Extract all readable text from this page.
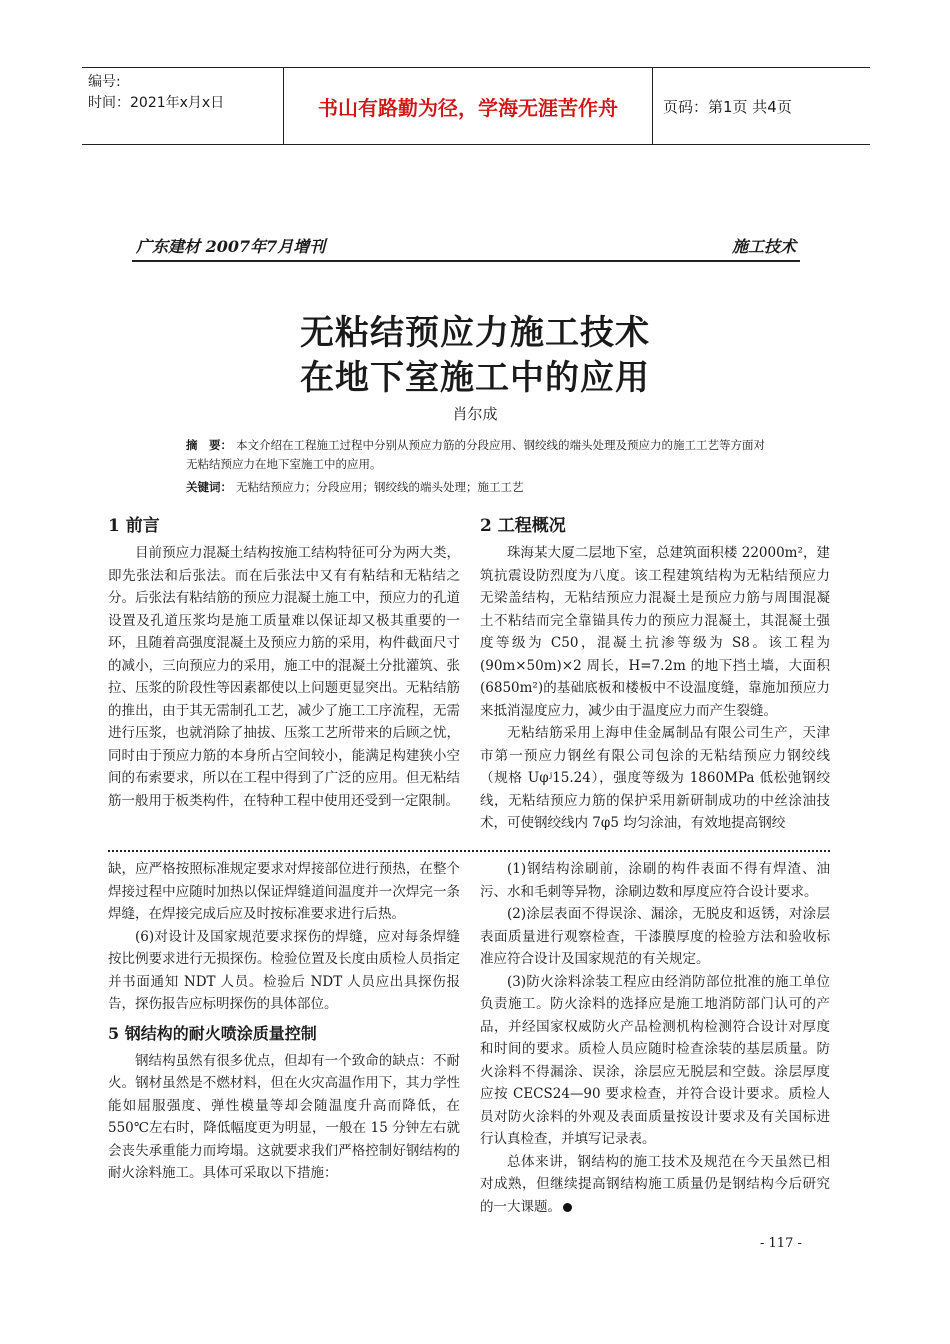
编号:
时间：2021年x月x日	书山有路勤为径，学海无涯苦作舟	页码：第1页 共4页
广东建材 2007年7月增刊	施工技术
无粘结预应力施工技术
在地下室施工中的应用
肖尔成
摘　要： 本文介绍在工程施工过程中分别从预应力筋的分段应用、钢绞线的端头处理及预应力的施工工艺等方面对无粘结预应力在地下室施工中的应用。
关键词： 无粘结预应力；分段应用；钢绞线的端头处理；施工工艺
1 前言

目前预应力混凝土结构按施工结构特征可分为两大类，即先张法和后张法。而在后张法中又有有粘结和无粘结之分。后张法有粘结筋的预应力混凝土施工中，预应力的孔道设置及孔道压浆均是施工质量难以保证却又极其重要的一环，且随着高强度混凝土及预应力筋的采用，构件截面尺寸的减小，三向预应力的采用，施工中的混凝土分批灌筑、张拉、压浆的阶段性等因素都使以上问题更显突出。无粘结筋的推出，由于其无需制孔工艺，减少了施工工序流程，无需进行压浆，也就消除了抽拔、压浆工艺所带来的后顾之忧，同时由于预应力筋的本身所占空间较小，能满足构建狭小空间的布索要求，所以在工程中得到了广泛的应用。但无粘结筋一般用于板类构件，在特种工程中使用还受到一定限制。

2 工程概况

珠海某大厦二层地下室，总建筑面积楼 22000m²，建筑抗震设防烈度为八度。该工程建筑结构为无粘结预应力无梁盖结构，无粘结预应力混凝土是预应力筋与周围混凝土不粘结而完全靠锚具传力的预应力混凝土，其混凝土强度等级为 C50，混凝土抗渗等级为 S8。该工程为(90m×50m)×2 周长，H=7.2m 的地下挡土墙，大面积(6850m²)的基础底板和楼板中不设温度缝，靠施加预应力来抵消湿度应力，减少由于温度应力而产生裂缝。

无粘结筋采用上海申佳金属制品有限公司生产，天津市第一预应力钢丝有限公司包涂的无粘结预应力钢绞线（规格 Uφʲ15.24），强度等级为 1860MPa 低松弛钢绞线，无粘结预应力筋的保护采用新研制成功的中丝涂油技术，可使钢绞线内 7φ5 均匀涂油，有效地提高钢绞

缺，应严格按照标准规定要求对焊接部位进行预热，在整个焊接过程中应随时加热以保证焊缝道间温度并一次焊完一条焊缝，在焊接完成后应及时按标准要求进行后热。

(6)对设计及国家规范要求探伤的焊缝，应对每条焊缝按比例要求进行无损探伤。检验位置及长度由质检人员指定并书面通知 NDT 人员。检验后 NDT 人员应出具探伤报告，探伤报告应标明探伤的具体部位。

5 钢结构的耐火喷涂质量控制

钢结构虽然有很多优点，但却有一个致命的缺点：不耐火。钢材虽然是不燃材料，但在火灾高温作用下，其力学性能如屈服强度、弹性模量等却会随温度升高而降低，在 550℃左右时，降低幅度更为明显，一般在 15 分钟左右就会丧失承重能力而垮塌。这就要求我们严格控制好钢结构的耐火涂料施工。具体可采取以下措施：

(1)钢结构涂刷前，涂刷的构件表面不得有焊渣、油污、水和毛刺等异物，涂刷边数和厚度应符合设计要求。

(2)涂层表面不得误涂、漏涂，无脱皮和返锈，对涂层表面质量进行观察检查，干漆膜厚度的检验方法和验收标准应符合设计及国家规范的有关规定。

(3)防火涂料涂装工程应由经消防部位批准的施工单位负责施工。防火涂料的选择应是施工地消防部门认可的产品，并经国家权威防火产品检测机构检测符合设计对厚度和时间的要求。质检人员应随时检查涂装的基层质量。防火涂料不得漏涂、误涂，涂层应无脱层和空鼓。涂层厚度应按 CECS24—90 要求检查，并符合设计要求。质检人员对防火涂料的外观及表面质量按设计要求及有关国标进行认真检查，并填写记录表。

总体来讲，钢结构的施工技术及规范在今天虽然已相对成熟，但继续提高钢结构施工质量仍是钢结构今后研究的一大课题。

- 117 -
